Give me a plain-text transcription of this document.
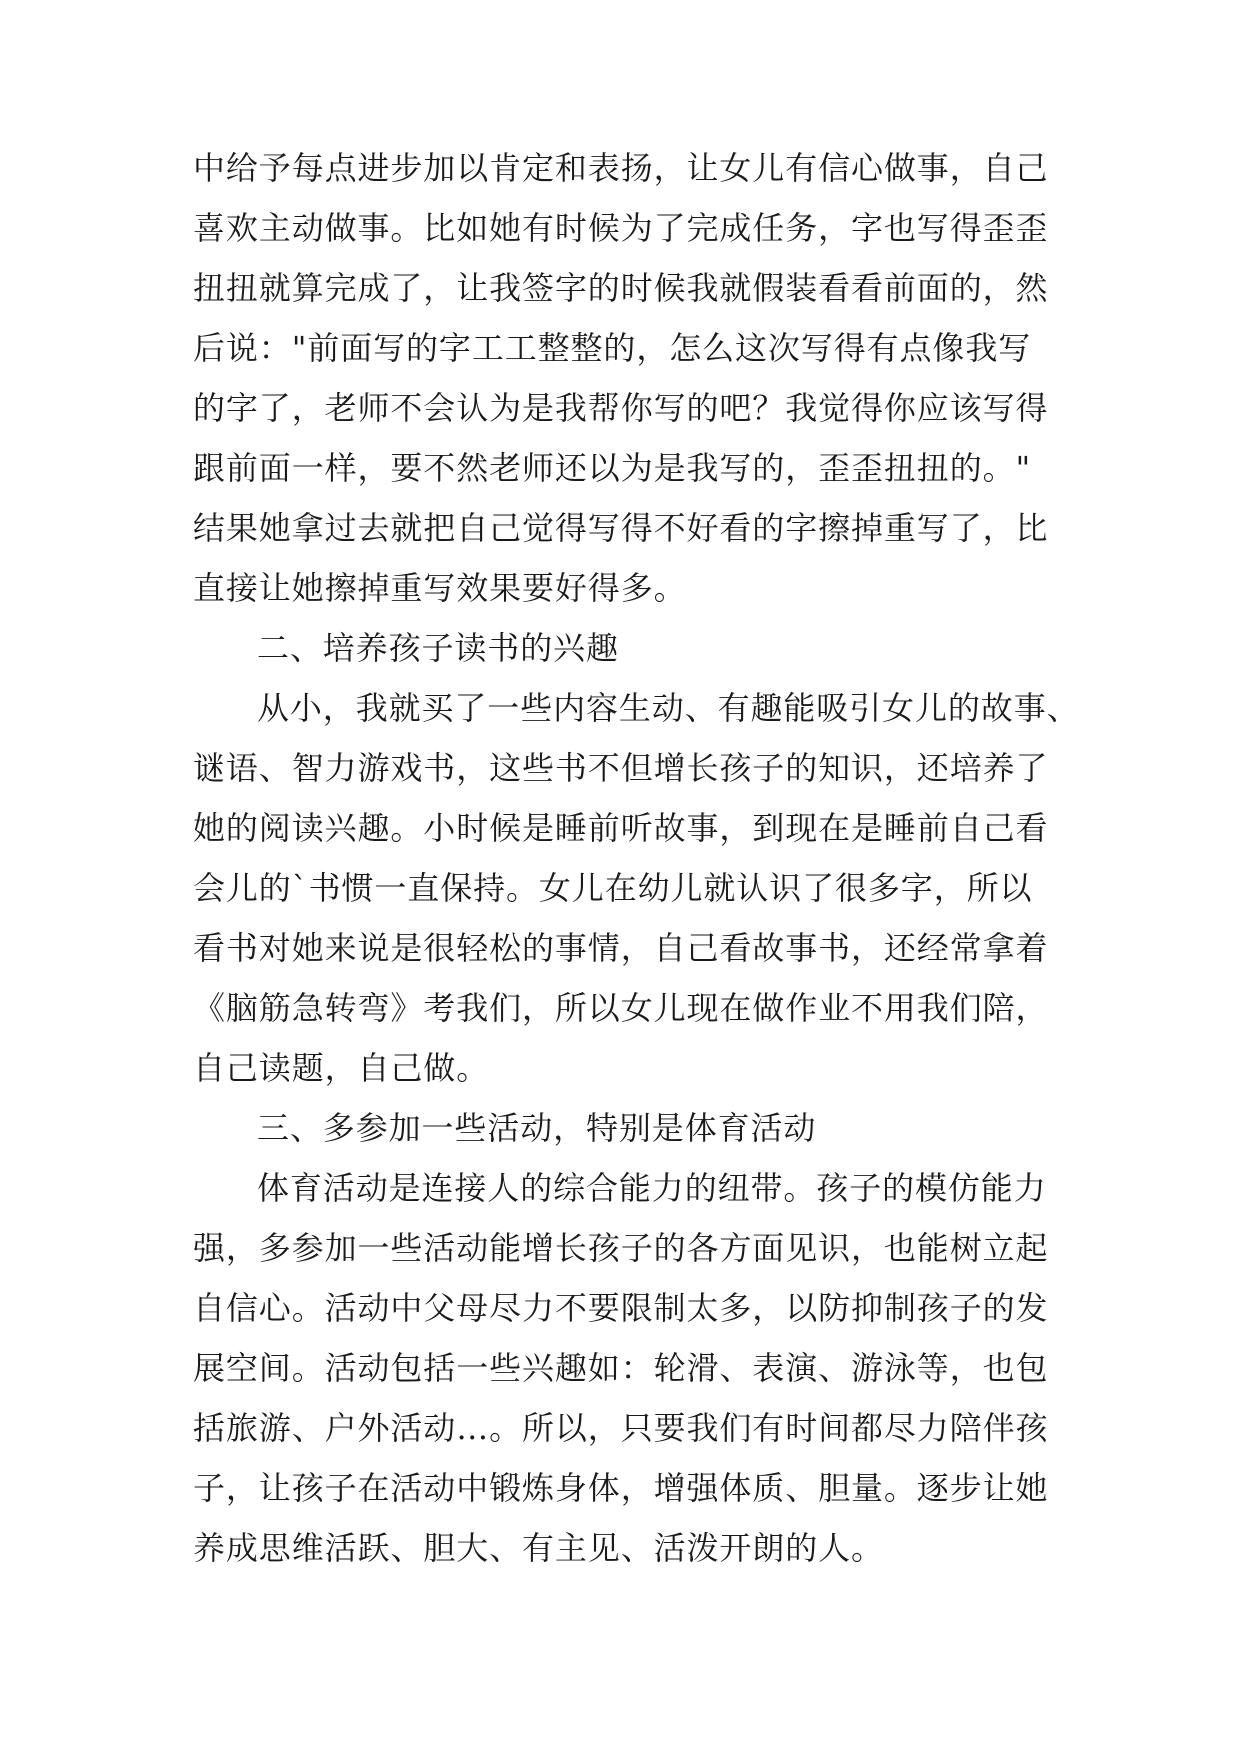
中给予每点进步加以肯定和表扬，让女儿有信心做事，自己
喜欢主动做事。比如她有时候为了完成任务，字也写得歪歪
扭扭就算完成了，让我签字的时候我就假装看看前面的，然
后说："前面写的字工工整整的，怎么这次写得有点像我写
的字了，老师不会认为是我帮你写的吧？我觉得你应该写得
跟前面一样，要不然老师还以为是我写的，歪歪扭扭的。"
结果她拿过去就把自己觉得写得不好看的字擦掉重写了，比
直接让她擦掉重写效果要好得多。
二、培养孩子读书的兴趣
从小，我就买了一些内容生动、有趣能吸引女儿的故事、
谜语、智力游戏书，这些书不但增长孩子的知识，还培养了
她的阅读兴趣。小时候是睡前听故事，到现在是睡前自己看
会儿的`书惯一直保持。女儿在幼儿就认识了很多字，所以
看书对她来说是很轻松的事情，自己看故事书，还经常拿着
《脑筋急转弯》考我们，所以女儿现在做作业不用我们陪，
自己读题，自己做。
三、多参加一些活动，特别是体育活动
体育活动是连接人的综合能力的纽带。孩子的模仿能力
强，多参加一些活动能增长孩子的各方面见识，也能树立起
自信心。活动中父母尽力不要限制太多，以防抑制孩子的发
展空间。活动包括一些兴趣如：轮滑、表演、游泳等，也包
括旅游、户外活动…。所以，只要我们有时间都尽力陪伴孩
子，让孩子在活动中锻炼身体，增强体质、胆量。逐步让她
养成思维活跃、胆大、有主见、活泼开朗的人。
